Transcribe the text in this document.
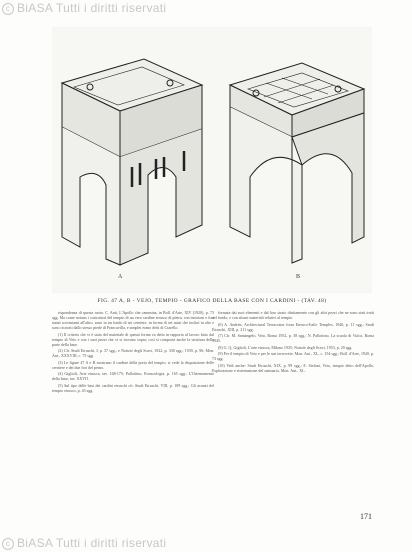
c BiASA Tutti i diritti riservati
A	B
FIG. 47 A, B - VEJO, TEMPIO - GRAFICO DELLA BASE CON I CARDINI - (TAV. 48)

rispondenza di questa ruota. C. Anti, L'Apollo che cammina, in Boll. d'Arte, XIV (1920), p. 73 sgg. Ma come notano i costruttori del tempio di un vero cardine etrusco di pietra, con incisioni e fori stanti sovrastanti all'altro, sono in un fondo di sei cerniere, in forma di sei asini che inclini in alto e sono ricavati dallo stesso piede di Francavilla, e simplei erano detti di Ciarello.

(1) Il criterio che vi è stato del materiale di questa forma va detto in rapporto al lavoro fatto dal tempio di Veio e con i suoi pezzi che vi si trovano sopra; cosi si comporta anche la struttura della parte della base.

(2) Cfr. Studi Etruschi, I, p. 37 sgg.; e Notizie degli Scavi, 1922, p. 330 sgg.; 1939, p. 96; Mon. Ant., XXXVIII, c. 75 sgg.

(3) Le figure 47 A e B mostrano il cardine della porta del tempio; si vede la disposizione delle cerniere e dei due fori del perno.

(4) Giglioli, Arte etrusca, tav. 168-175; Pallottino, Etruscologia, p. 165 sgg.; L'Orientamento della base, tav. XXVII.

(5) Sul tipo delle basi dei cardini etruschi cfr. Studi Etruschi, VIII, p. 109 sgg.; Gli avanzi del tempio etrusco, p. 43 sgg.

formata dai suoi elementi e dal loro strato dirittamente con gli altri pezzi che ne sono stati tratti nel fondo, e con alcuni materiali relativi al tempio.

(6) A. Andrén, Architectural Terracottas from Etrusco-Italic Temples, 1940, p. 11 sgg.; Studi Etruschi, XIII, p. 211 sgg.

(7) Cfr. M. Santangelo, Veio, Roma 1952, p. 38 sgg.; N. Pallottino, La scuola di Vulca, Roma 1945.

(8) G. Q. Giglioli, L'arte etrusca, Milano 1935; Notizie degli Scavi, 1953, p. 29 sgg.

(9) Per il tempio di Veio e per le sue terrecotte: Mon. Ant., XL, c. 154 sgg.; Boll. d'Arte, 1920, p. 73 sgg.

(10) Vedi anche: Studi Etruschi, XIX, p. 99 sgg.; E. Stefani, Veio, tempio detto dell'Apollo, Esplorazione e sistemazione del santuario, Mon. Ant., XL.

171
c BiASA Tutti i diritti riservati
